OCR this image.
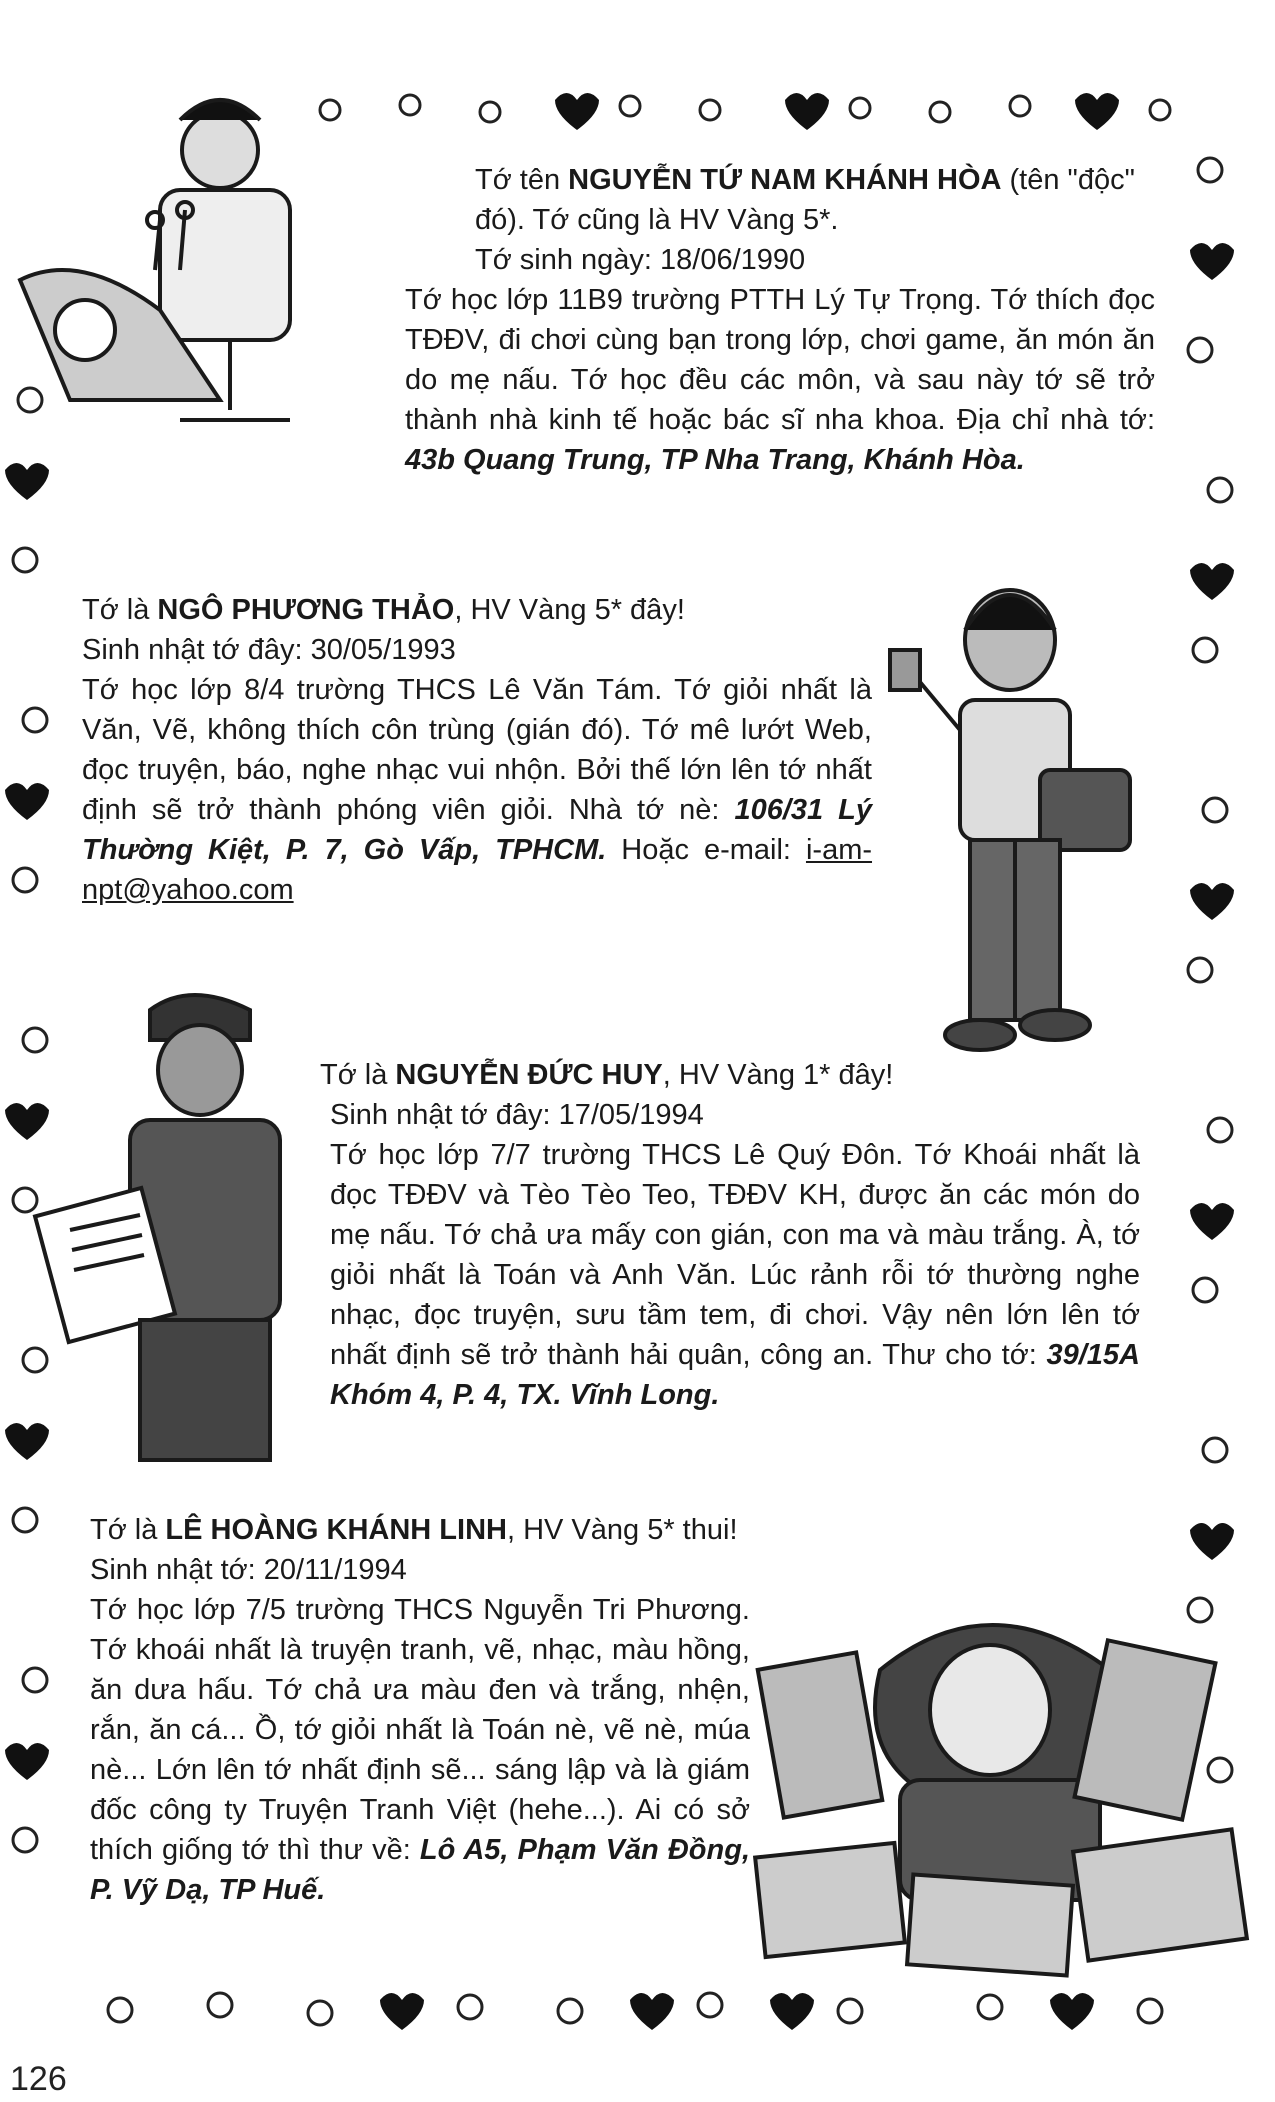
Tớ tên NGUYỄN TỨ NAM KHÁNH HÒA (tên "độc" đó). Tớ cũng là HV Vàng 5*.

Tớ sinh ngày: 18/06/1990

Tớ học lớp 11B9 trường PTTH Lý Tự Trọng. Tớ thích đọc TĐĐV, đi chơi cùng bạn trong lớp, chơi game, ăn món ăn do mẹ nấu. Tớ học đều các môn, và sau này tớ sẽ trở thành nhà kinh tế hoặc bác sĩ nha khoa. Địa chỉ nhà tớ: 43b Quang Trung, TP Nha Trang, Khánh Hòa.

Tớ là NGÔ PHƯƠNG THẢO, HV Vàng 5* đây!

Sinh nhật tớ đây: 30/05/1993

Tớ học lớp 8/4 trường THCS Lê Văn Tám. Tớ giỏi nhất là Văn, Vẽ, không thích côn trùng (gián đó). Tớ mê lướt Web, đọc truyện, báo, nghe nhạc vui nhộn. Bởi thế lớn lên tớ nhất định sẽ trở thành phóng viên giỏi. Nhà tớ nè: 106/31 Lý Thường Kiệt, P. 7, Gò Vấp, TPHCM. Hoặc e-mail: i-am-npt@yahoo.com

Tớ là NGUYỄN ĐỨC HUY, HV Vàng 1* đây!

Sinh nhật tớ đây: 17/05/1994

Tớ học lớp 7/7 trường THCS Lê Quý Đôn. Tớ Khoái nhất là đọc TĐĐV và Tèo Tèo Teo, TĐĐV KH, được ăn các món do mẹ nấu. Tớ chả ưa mấy con gián, con ma và màu trắng. À, tớ giỏi nhất là Toán và Anh Văn. Lúc rảnh rỗi tớ thường nghe nhạc, đọc truyện, sưu tầm tem, đi chơi. Vậy nên lớn lên tớ nhất định sẽ trở thành hải quân, công an. Thư cho tớ: 39/15A Khóm 4, P. 4, TX. Vĩnh Long.

Tớ là LÊ HOÀNG KHÁNH LINH, HV Vàng 5* thui!

Sinh nhật tớ: 20/11/1994

Tớ học lớp 7/5 trường THCS Nguyễn Tri Phương. Tớ khoái nhất là truyện tranh, vẽ, nhạc, màu hồng, ăn dưa hấu. Tớ chả ưa màu đen và trắng, nhện, rắn, ăn cá... Ồ, tớ giỏi nhất là Toán nè, vẽ nè, múa nè... Lớn lên tớ nhất định sẽ... sáng lập và là giám đốc công ty Truyện Tranh Việt (hehe...). Ai có sở thích giống tớ thì thư về: Lô A5, Phạm Văn Đồng, P. Vỹ Dạ, TP Huế.

126
